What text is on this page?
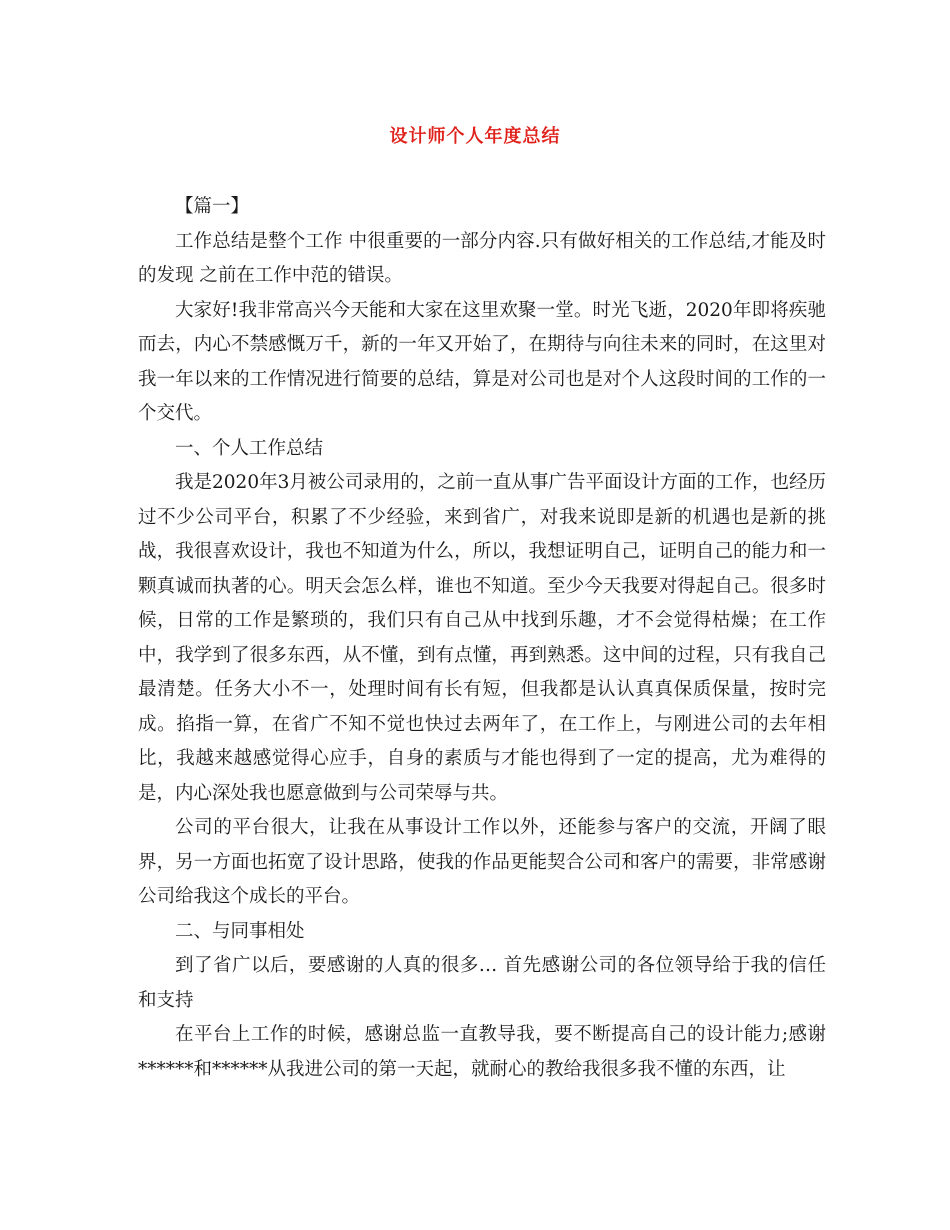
设计师个人年度总结

【篇一】

工作总结是整个工作 中很重要的一部分内容.只有做好相关的工作总结,才能及时的发现 之前在工作中范的错误。

大家好!我非常高兴今天能和大家在这里欢聚一堂。时光飞逝，2020年即将疾驰而去，内心不禁感慨万千，新的一年又开始了，在期待与向往未来的同时，在这里对我一年以来的工作情况进行简要的总结，算是对公司也是对个人这段时间的工作的一个交代。

一、个人工作总结

我是2020年3月被公司录用的，之前一直从事广告平面设计方面的工作，也经历过不少公司平台，积累了不少经验，来到省广，对我来说即是新的机遇也是新的挑战，我很喜欢设计，我也不知道为什么，所以，我想证明自己，证明自己的能力和一颗真诚而执著的心。明天会怎么样，谁也不知道。至少今天我要对得起自己。很多时候，日常的工作是繁琐的，我们只有自己从中找到乐趣，才不会觉得枯燥；在工作中，我学到了很多东西，从不懂，到有点懂，再到熟悉。这中间的过程，只有我自己最清楚。任务大小不一，处理时间有长有短，但我都是认认真真保质保量，按时完成。掐指一算，在省广不知不觉也快过去两年了，在工作上，与刚进公司的去年相比，我越来越感觉得心应手，自身的素质与才能也得到了一定的提高，尤为难得的是，内心深处我也愿意做到与公司荣辱与共。

公司的平台很大，让我在从事设计工作以外，还能参与客户的交流，开阔了眼界，另一方面也拓宽了设计思路，使我的作品更能契合公司和客户的需要，非常感谢公司给我这个成长的平台。

二、与同事相处

到了省广以后，要感谢的人真的很多… 首先感谢公司的各位领导给于我的信任和支持

在平台上工作的时候，感谢总监一直教导我，要不断提高自己的设计能力;感谢******和******从我进公司的第一天起，就耐心的教给我很多我不懂的东西，让
